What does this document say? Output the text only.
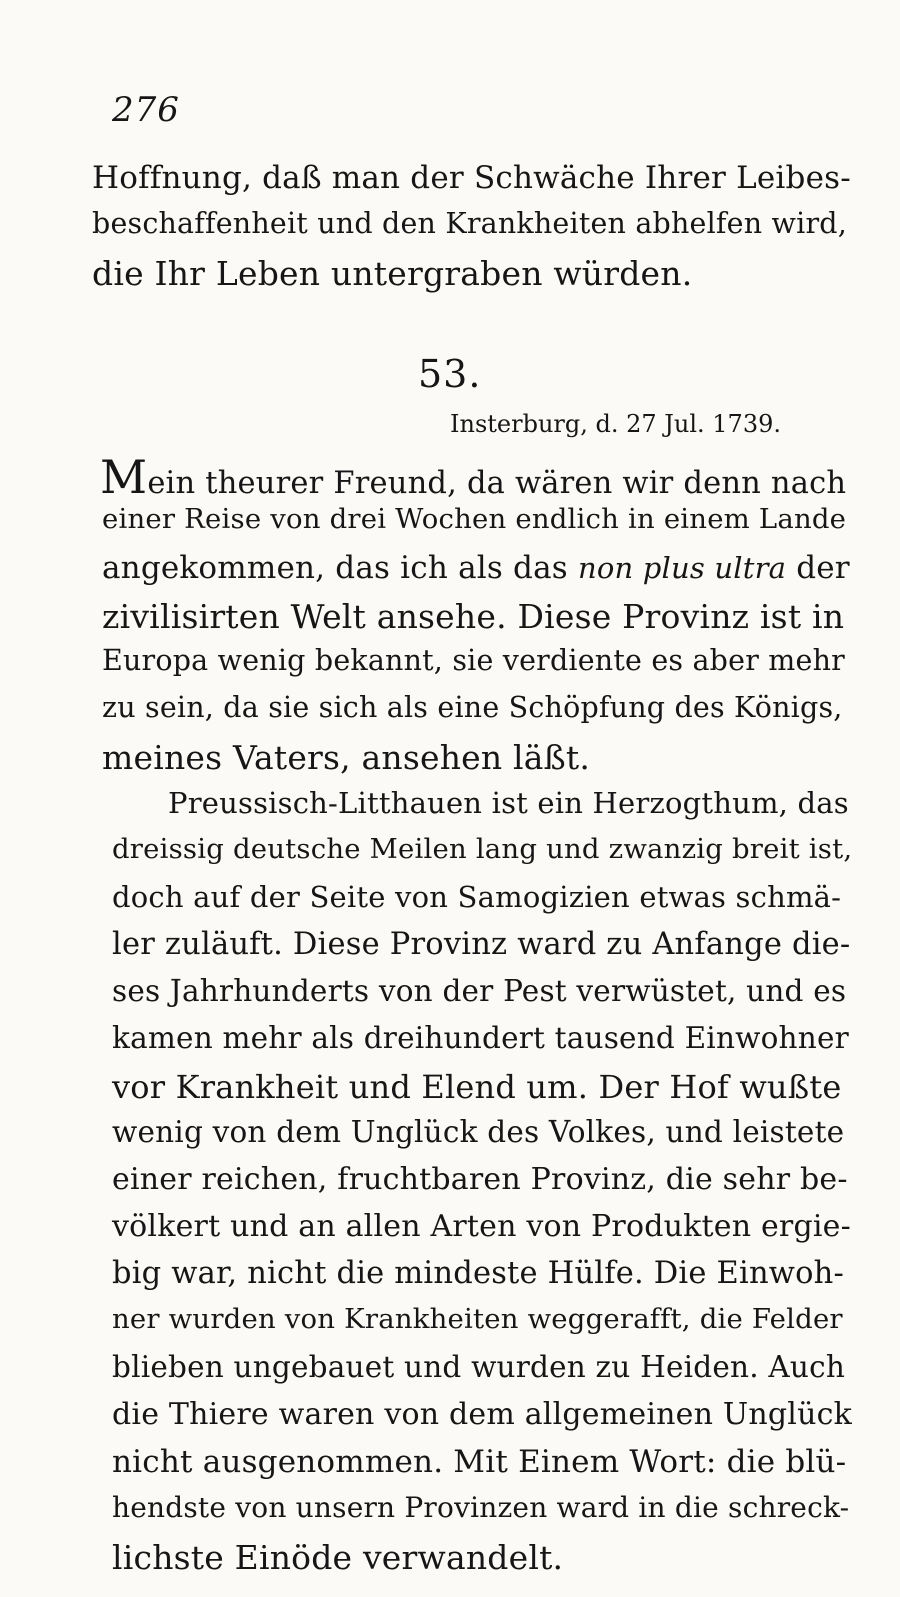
276
Hoffnung, daß man der Schwäche Ihrer Leibes-
beschaffenheit und den Krankheiten abhelfen wird,
die Ihr Leben untergraben würden.
53.
Insterburg, d. 27 Jul. 1739.
Mein theurer Freund, da wären wir denn nach
einer Reise von drei Wochen endlich in einem Lande
angekommen, das ich als das non plus ultra der
zivilisirten Welt ansehe. Diese Provinz ist in
Europa wenig bekannt, sie verdiente es aber mehr
zu sein, da sie sich als eine Schöpfung des Königs,
meines Vaters, ansehen läßt.
Preussisch-Litthauen ist ein Herzogthum, das
dreissig deutsche Meilen lang und zwanzig breit ist,
doch auf der Seite von Samogizien etwas schmä-
ler zuläuft. Diese Provinz ward zu Anfange die-
ses Jahrhunderts von der Pest verwüstet, und es
kamen mehr als dreihundert tausend Einwohner
vor Krankheit und Elend um. Der Hof wußte
wenig von dem Unglück des Volkes, und leistete
einer reichen, fruchtbaren Provinz, die sehr be-
völkert und an allen Arten von Produkten ergie-
big war, nicht die mindeste Hülfe. Die Einwoh-
ner wurden von Krankheiten weggerafft, die Felder
blieben ungebauet und wurden zu Heiden. Auch
die Thiere waren von dem allgemeinen Unglück
nicht ausgenommen. Mit Einem Wort: die blü-
hendste von unsern Provinzen ward in die schreck-
lichste Einöde verwandelt.
